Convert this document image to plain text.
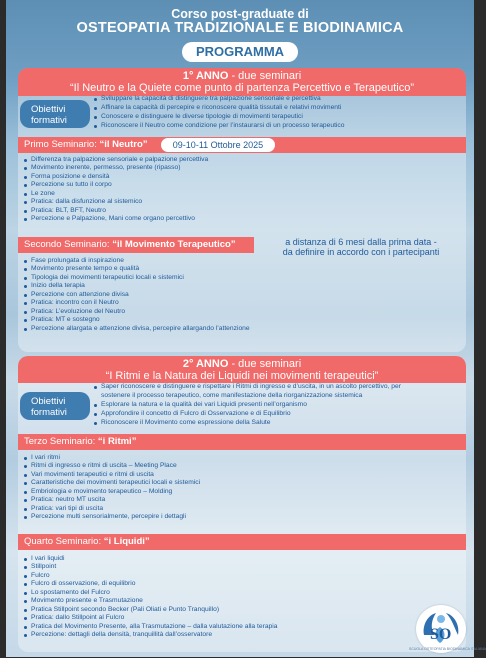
Corso post-graduate di
OSTEOPATIA TRADIZIONALE E BIODINAMICA
PROGRAMMA
1° ANNO - due seminari
“Il Neutro e la Quiete come punto di partenza Percettivo e Terapeutico”
Obiettivi
formativi
Sviluppare la capacità di distinguere tra palpazione sensoriale e percettiva
Affinare la capacità di percepire e riconoscere qualità tissutali e relativi movimenti
Conoscere e distinguere le diverse tipologie di movimenti terapeutici
Riconoscere il Neutro come condizione per l’instaurarsi di un processo terapeutico
Primo Seminario: “il Neutro”	09-10-11 Ottobre 2025
Differenza tra palpazione sensoriale e palpazione percettiva
Movimento inerente, permesso, presente (ripasso)
Forma posizione e densità
Percezione su tutto il corpo
Le zone
Pratica: dalla disfunzione al sistemico
Pratica: BLT, BFT, Neutro
Percezione e Palpazione, Mani come organo percettivo
Secondo Seminario: “il Movimento Terapeutico”	a distanza di 6 mesi dalla prima data -
da definire in accordo con i partecipanti
Fase prolungata di inspirazione
Movimento presente tempo e qualità
Tipologia dei movimenti terapeutici locali e sistemici
Inizio della terapia
Percezione con attenzione divisa
Pratica: incontro con il Neutro
Pratica: L’evoluzione del Neutro
Pratica: MT e sostegno
Percezione allargata e attenzione divisa, percepire allargando l’attenzione
2° ANNO - due seminari
“I Ritmi e la Natura dei Liquidi nei movimenti terapeutici”
Obiettivi
formativi
Saper riconoscere e distinguere e rispettare i Ritmi di ingresso e d’uscita, in un ascolto percettivo, per
sostenere il processo terapeutico, come manifestazione della riorganizzazione sistemica
Esplorare la natura e la qualità dei vari Liquidi presenti nell’organismo
Approfondire il concetto di Fulcro di Osservazione e di Equilibrio
Riconoscere il Movimento come espressione della Salute
Terzo Seminario: “i Ritmi”
I vari ritmi
Ritmi di ingresso e ritmi di uscita – Meeting Place
Vari movimenti terapeutici e ritmi di uscita
Caratteristiche dei movimenti terapeutici locali e sistemici
Embriologia e movimento terapeutico – Molding
Pratica: neutro MT uscita
Pratica: vari tipi di uscita
Percezione multi sensorialmente, percepire i dettagli
Quarto Seminario: “i Liquidi”
I vari liquidi
Stillpoint
Fulcro
Fulcro di osservazione, di equilibrio
Lo spostamento del Fulcro
Movimento presente e Trasmutazione
Pratica Stillpoint secondo Becker (Pali Oliati e Punto Tranquillo)
Pratica: dallo Stillpoint al Fulcro
Pratica del Movimento Presente, alla Trasmutazione – dalla valutazione alla terapia
Percezione: dettagli della densità, tranquillità dall’osservatore	SO
SCUOLA OSTEOPATIA BIODINAMICA ITALIANA
